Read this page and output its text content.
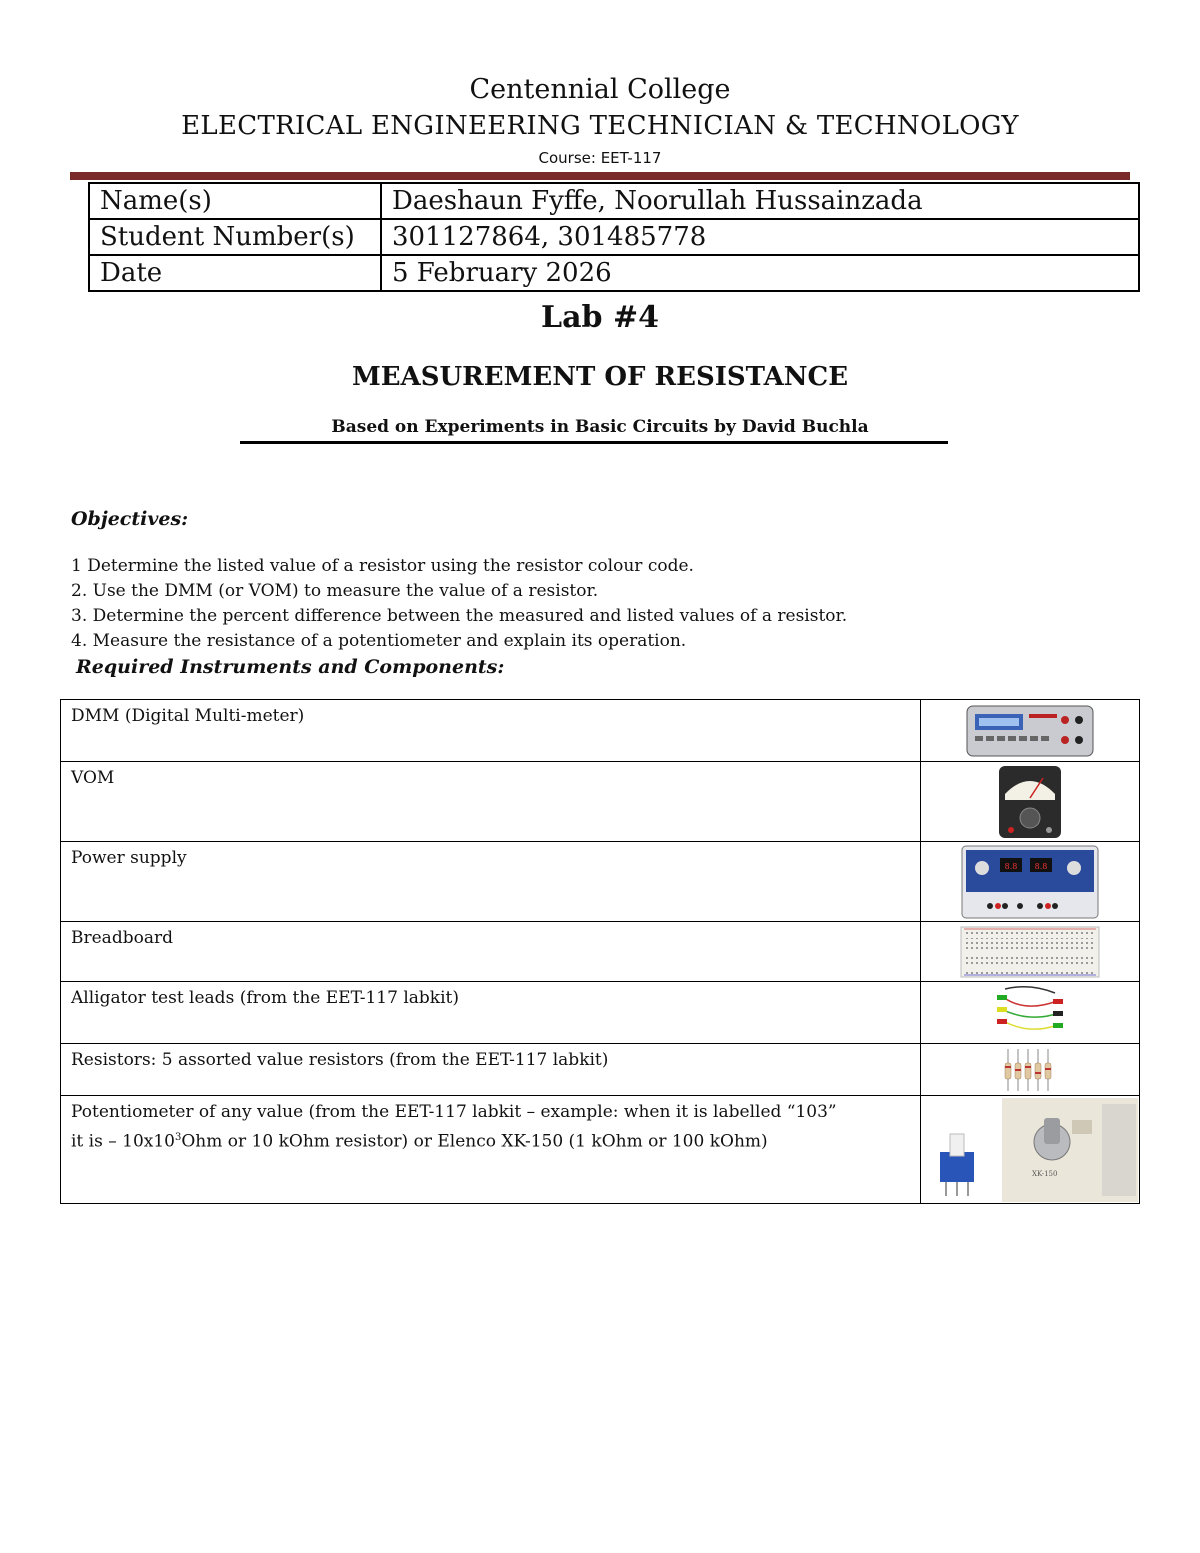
Centennial College
ELECTRICAL ENGINEERING TECHNICIAN & TECHNOLOGY
Course: EET-117
Name(s)	Daeshaun Fyffe, Noorullah Hussainzada
Student Number(s)	301127864, 301485778
Date	5 February 2026
Lab #4
MEASUREMENT OF RESISTANCE
Based on Experiments in Basic Circuits by David Buchla
Objectives:
1 Determine the listed value of a resistor using the resistor colour code.
2. Use the DMM (or VOM) to measure the value of a resistor.
3. Determine the percent difference between the measured and listed values of a resistor.
4. Measure the resistance of a potentiometer and explain its operation.
Required Instruments and Components:
DMM (Digital Multi-meter)	
VOM	
Power supply	8.8 8.8

Breadboard	
Alligator test leads (from the EET-117 labkit)	
Resistors: 5 assorted value resistors (from the EET-117 labkit)	
Potentiometer of any value (from the EET-117 labkit – example: when it is labelled “103”
it is – $10x10^3Ohm$ or 10 kOhm resistor) or Elenco XK-150 (1 kOhm or 100 kOhm)	XK-150
